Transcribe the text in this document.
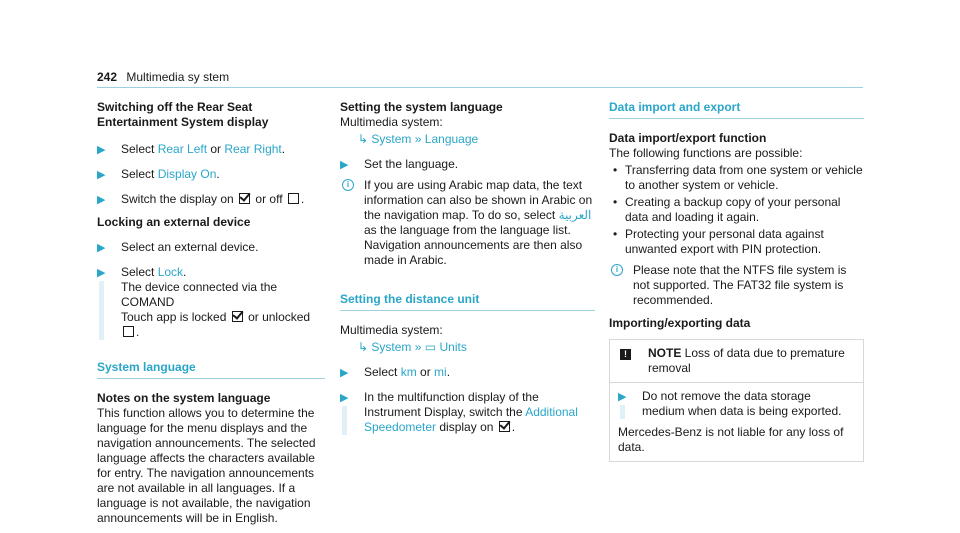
242 Multimedia sy stem
Switching off the Rear Seat Entertainment System display
▶ Select Rear Left or Rear Right.
▶ Select Display On.
▶ Switch the display on  or off .
Locking an external device
▶ Select an external device.
▶ Select Lock.
The device connected via the COMAND
Touch app is locked  or unlocked .
System language
Notes on the system language
This function allows you to determine the language for the menu displays and the navigation announcements. The selected language affects the characters available for entry. The navigation announcements are not available in all languages. If a language is not available, the navigation announcements will be in English.
Setting the system language
Multimedia system:
↳ System » Language
▶ Set the language.
i	If you are using Arabic map data, the text information can also be shown in Arabic on the navigation map. To do so, select العربية as the language from the language list. Navigation announcements are then also made in Arabic.
Setting the distance unit
Multimedia system:
↳ System » ▭ Units
▶ Select km or mi.
▶ In the multifunction display of the Instrument Display, switch the Additional Speedometer display on .
Data import and export
Data import/export function
The following functions are possible:
• Transferring data from one system or vehicle to another system or vehicle.
• Creating a backup copy of your personal data and loading it again.
• Protecting your personal data against unwanted export with PIN protection.
i	Please note that the NTFS file system is not supported. The FAT32 file system is recommended.
Importing/exporting data
!	NOTE Loss of data due to premature removal
▶ Do not remove the data storage medium when data is being exported.
Mercedes-Benz is not liable for any loss of data.
